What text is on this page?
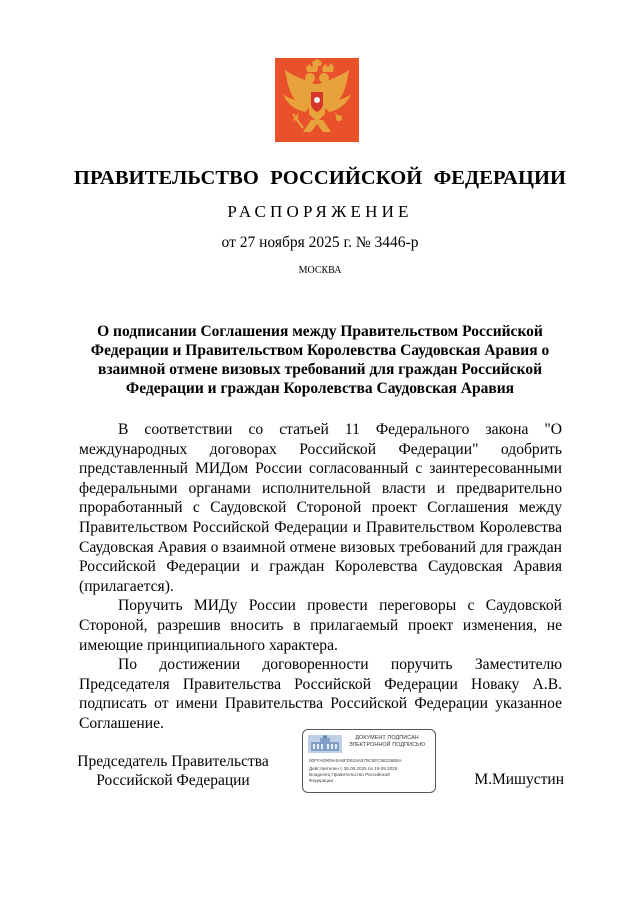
ПРАВИТЕЛЬСТВО РОССИЙСКОЙ ФЕДЕРАЦИИ
РАСПОРЯЖЕНИЕ
от 27 ноября 2025 г. № 3446-р
МОСКВА
О подписании Соглашения между Правительством Российской Федерации и Правительством Королевства Саудовская Аравия о взаимной отмене визовых требований для граждан Российской Федерации и граждан Королевства Саудовская Аравия

В соответствии со статьей 11 Федерального закона "О международных договорах Российской Федерации" одобрить представленный МИДом России согласованный с заинтересованными федеральными органами исполнительной власти и предварительно проработанный с Саудовской Стороной проект Соглашения между Правительством Российской Федерации и Правительством Королевства Саудовская Аравия о взаимной отмене визовых требований для граждан Российской Федерации и граждан Королевства Саудовская Аравия (прилагается).

Поручить МИДу России провести переговоры с Саудовской Стороной, разрешив вносить в прилагаемый проект изменения, не имеющие принципиального характера.

По достижении договоренности поручить Заместителю Председателя Правительства Российской Федерации Новаку А.В. подписать от имени Правительства Российской Федерации указанное Соглашение.

Председатель Правительства
Российской Федерации
ДОКУМЕНТ ПОДПИСАН
ЭЛЕКТРОННОЙ ПОДПИСЬЮ
00FFA0909A5A8FD615A579C5FC8823665A
Действителен с 26.06.2025 по 19.09.2026
Владелец Правительство Российской
Федерации	М.Мишустин
